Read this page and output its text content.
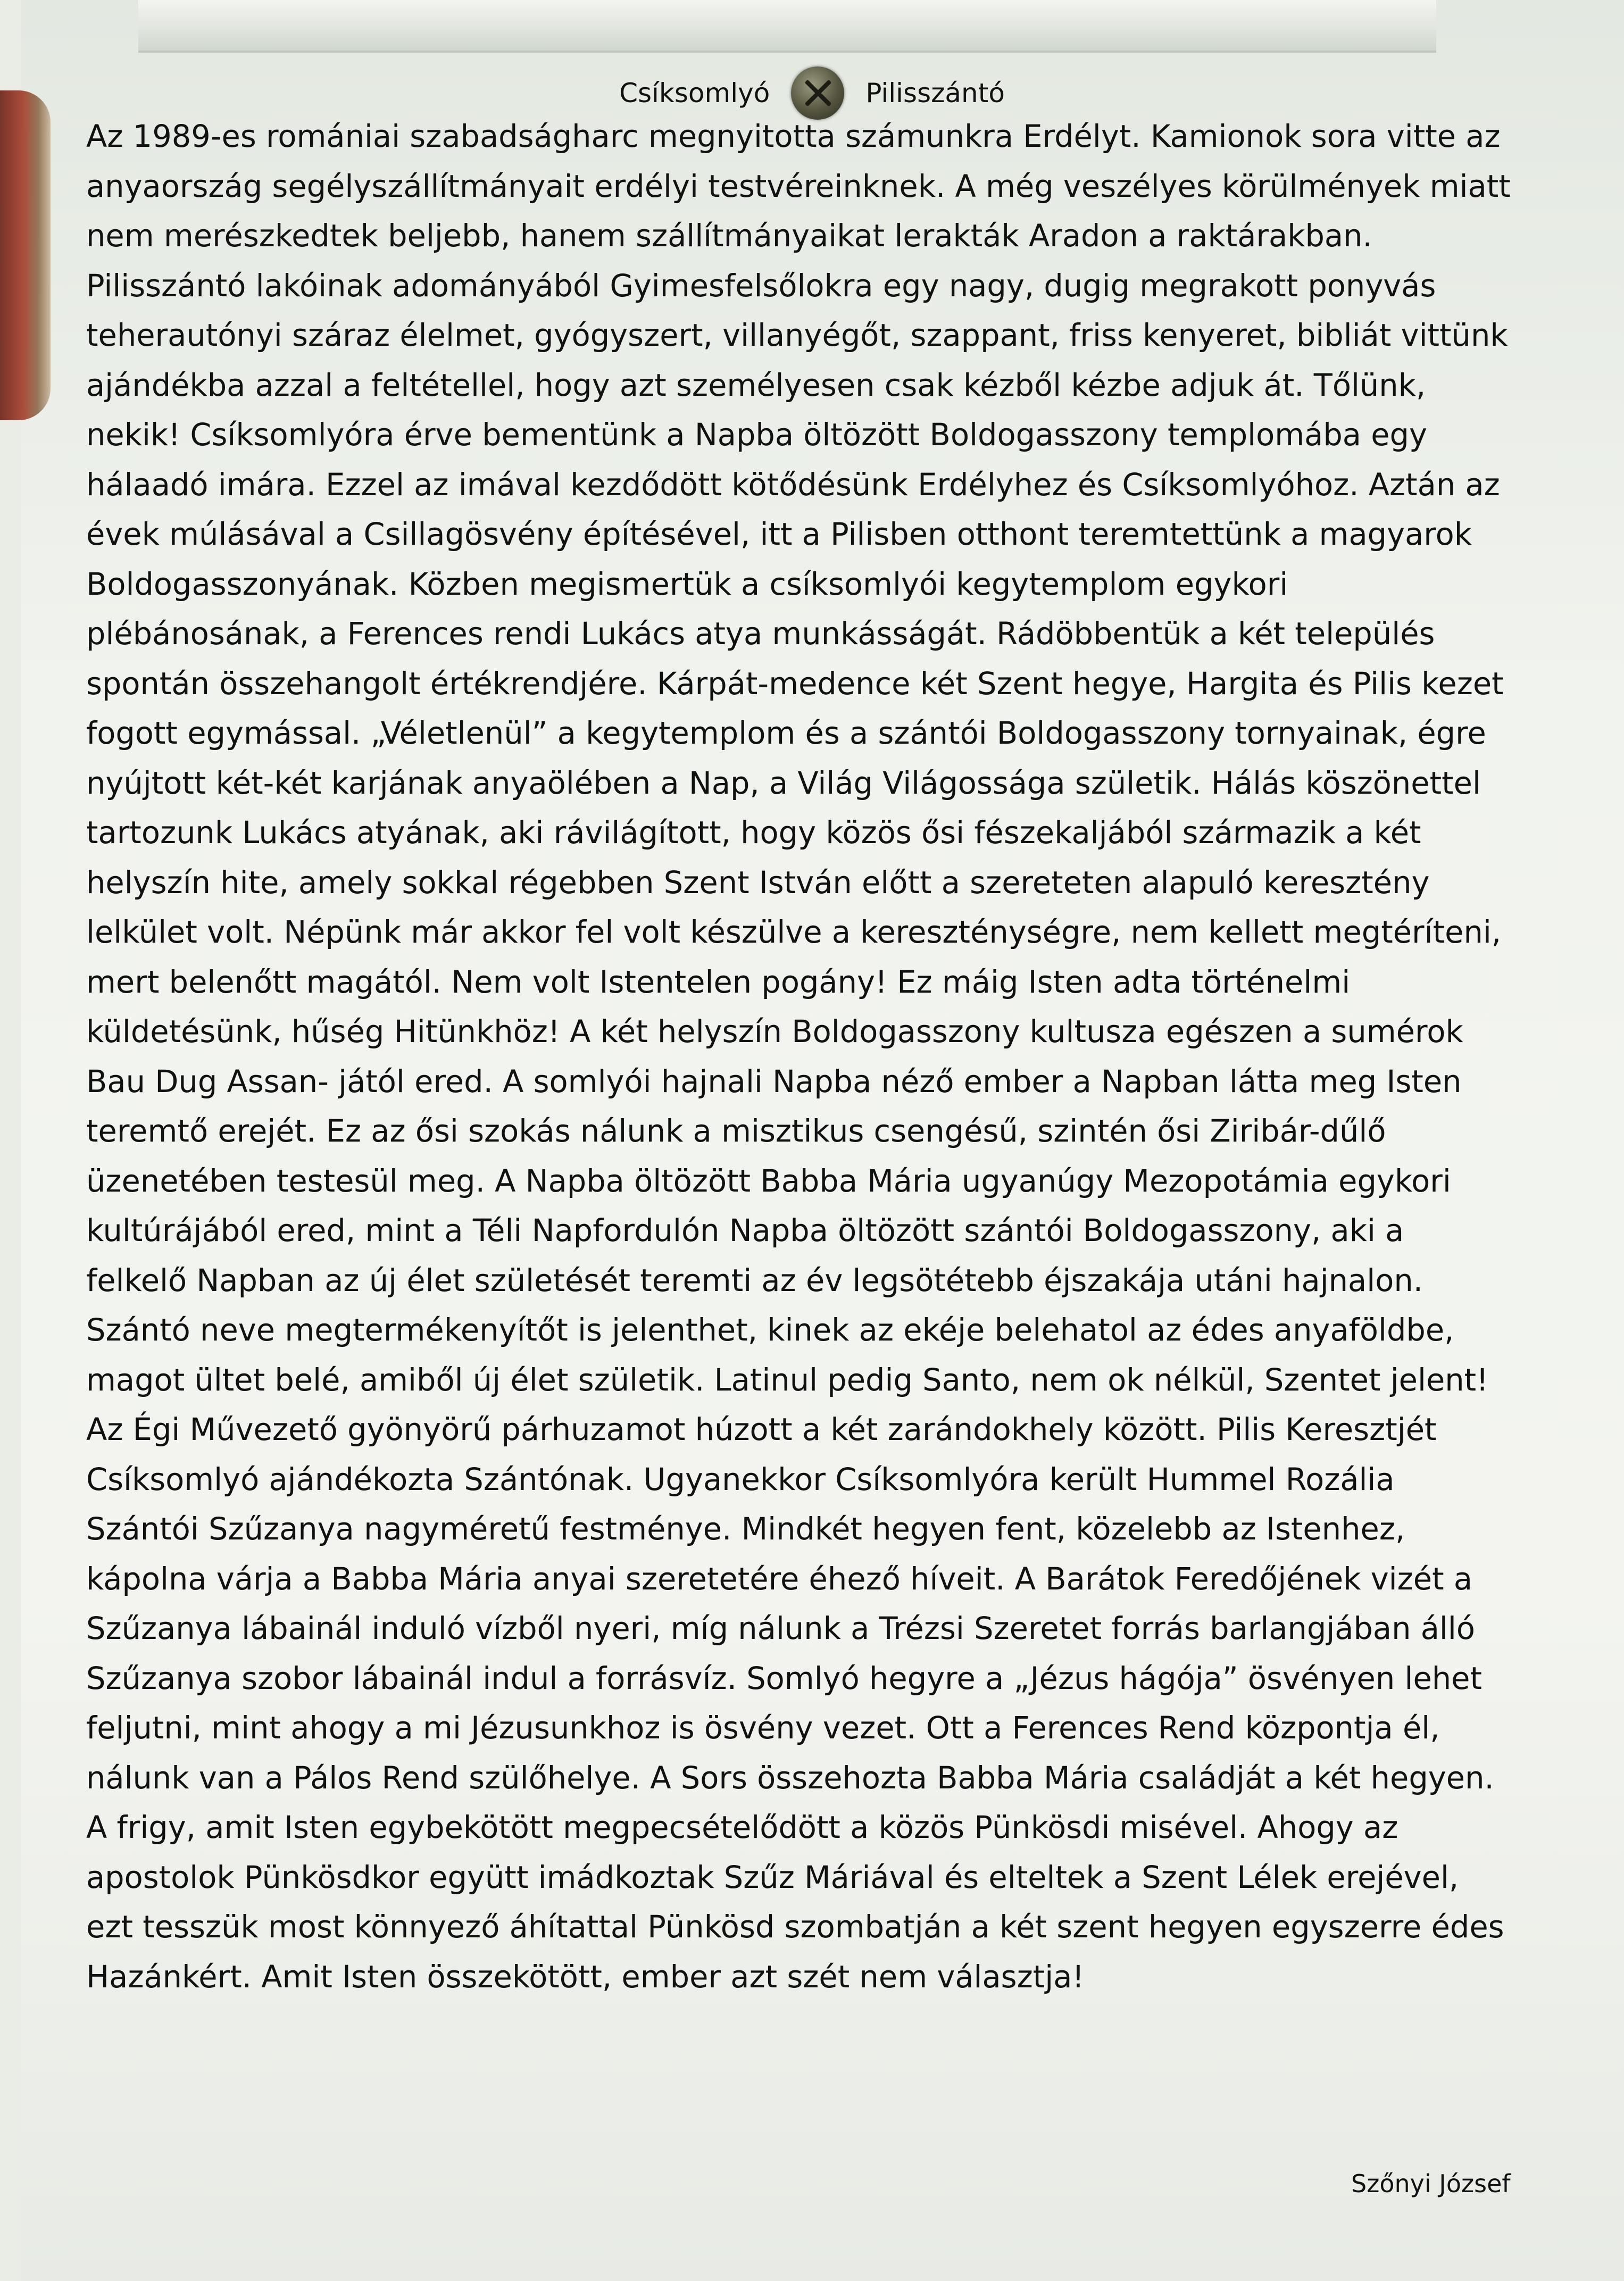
Csíksomlyó	Pilisszántó
Az 1989-es romániai szabadságharc megnyitotta számunkra Erdélyt. Kamionok sora vitte az
anyaország segélyszállítmányait erdélyi testvéreinknek. A még veszélyes körülmények miatt
nem merészkedtek beljebb, hanem szállítmányaikat lerakták Aradon a raktárakban.
Pilisszántó lakóinak adományából Gyimesfelsőlokra egy nagy, dugig megrakott ponyvás
teherautónyi száraz élelmet, gyógyszert, villanyégőt, szappant, friss kenyeret, bibliát vittünk
ajándékba azzal a feltétellel, hogy azt személyesen csak kézből kézbe adjuk át. Tőlünk,
nekik! Csíksomlyóra érve bementünk a Napba öltözött Boldogasszony templomába egy
hálaadó imára. Ezzel az imával kezdődött kötődésünk Erdélyhez és Csíksomlyóhoz. Aztán az
évek múlásával a Csillagösvény építésével, itt a Pilisben otthont teremtettünk a magyarok
Boldogasszonyának. Közben megismertük a csíksomlyói kegytemplom egykori
plébánosának, a Ferences rendi Lukács atya munkásságát. Rádöbbentük a két település
spontán összehangolt értékrendjére. Kárpát-medence két Szent hegye, Hargita és Pilis kezet
fogott egymással. „Véletlenül” a kegytemplom és a szántói Boldogasszony tornyainak, égre
nyújtott két-két karjának anyaölében a Nap, a Világ Világossága születik. Hálás köszönettel
tartozunk Lukács atyának, aki rávilágított, hogy közös ősi fészekaljából származik a két
helyszín hite, amely sokkal régebben Szent István előtt a szereteten alapuló keresztény
lelkület volt. Népünk már akkor fel volt készülve a kereszténységre, nem kellett megtéríteni,
mert belenőtt magától. Nem volt Istentelen pogány! Ez máig Isten adta történelmi
küldetésünk, hűség Hitünkhöz! A két helyszín Boldogasszony kultusza egészen a sumérok
Bau Dug Assan- jától ered. A somlyói hajnali Napba néző ember a Napban látta meg Isten
teremtő erejét. Ez az ősi szokás nálunk a misztikus csengésű, szintén ősi Ziribár-dűlő
üzenetében testesül meg. A Napba öltözött Babba Mária ugyanúgy Mezopotámia egykori
kultúrájából ered, mint a Téli Napfordulón Napba öltözött szántói Boldogasszony, aki a
felkelő Napban az új élet születését teremti az év legsötétebb éjszakája utáni hajnalon.
Szántó neve megtermékenyítőt is jelenthet, kinek az ekéje belehatol az édes anyaföldbe,
magot ültet belé, amiből új élet születik. Latinul pedig Santo, nem ok nélkül, Szentet jelent!
Az Égi Művezető gyönyörű párhuzamot húzott a két zarándokhely között. Pilis Keresztjét
Csíksomlyó ajándékozta Szántónak. Ugyanekkor Csíksomlyóra került Hummel Rozália
Szántói Szűzanya nagyméretű festménye. Mindkét hegyen fent, közelebb az Istenhez,
kápolna várja a Babba Mária anyai szeretetére éhező híveit. A Barátok Feredőjének vizét a
Szűzanya lábainál induló vízből nyeri, míg nálunk a Trézsi Szeretet forrás barlangjában álló
Szűzanya szobor lábainál indul a forrásvíz. Somlyó hegyre a „Jézus hágója” ösvényen lehet
feljutni, mint ahogy a mi Jézusunkhoz is ösvény vezet. Ott a Ferences Rend központja él,
nálunk van a Pálos Rend szülőhelye. A Sors összehozta Babba Mária családját a két hegyen.
A frigy, amit Isten egybekötött megpecsételődött a közös Pünkösdi misével. Ahogy az
apostolok Pünkösdkor együtt imádkoztak Szűz Máriával és elteltek a Szent Lélek erejével,
ezt tesszük most könnyező áhítattal Pünkösd szombatján a két szent hegyen egyszerre édes
Hazánkért. Amit Isten összekötött, ember azt szét nem választja!
Szőnyi József
